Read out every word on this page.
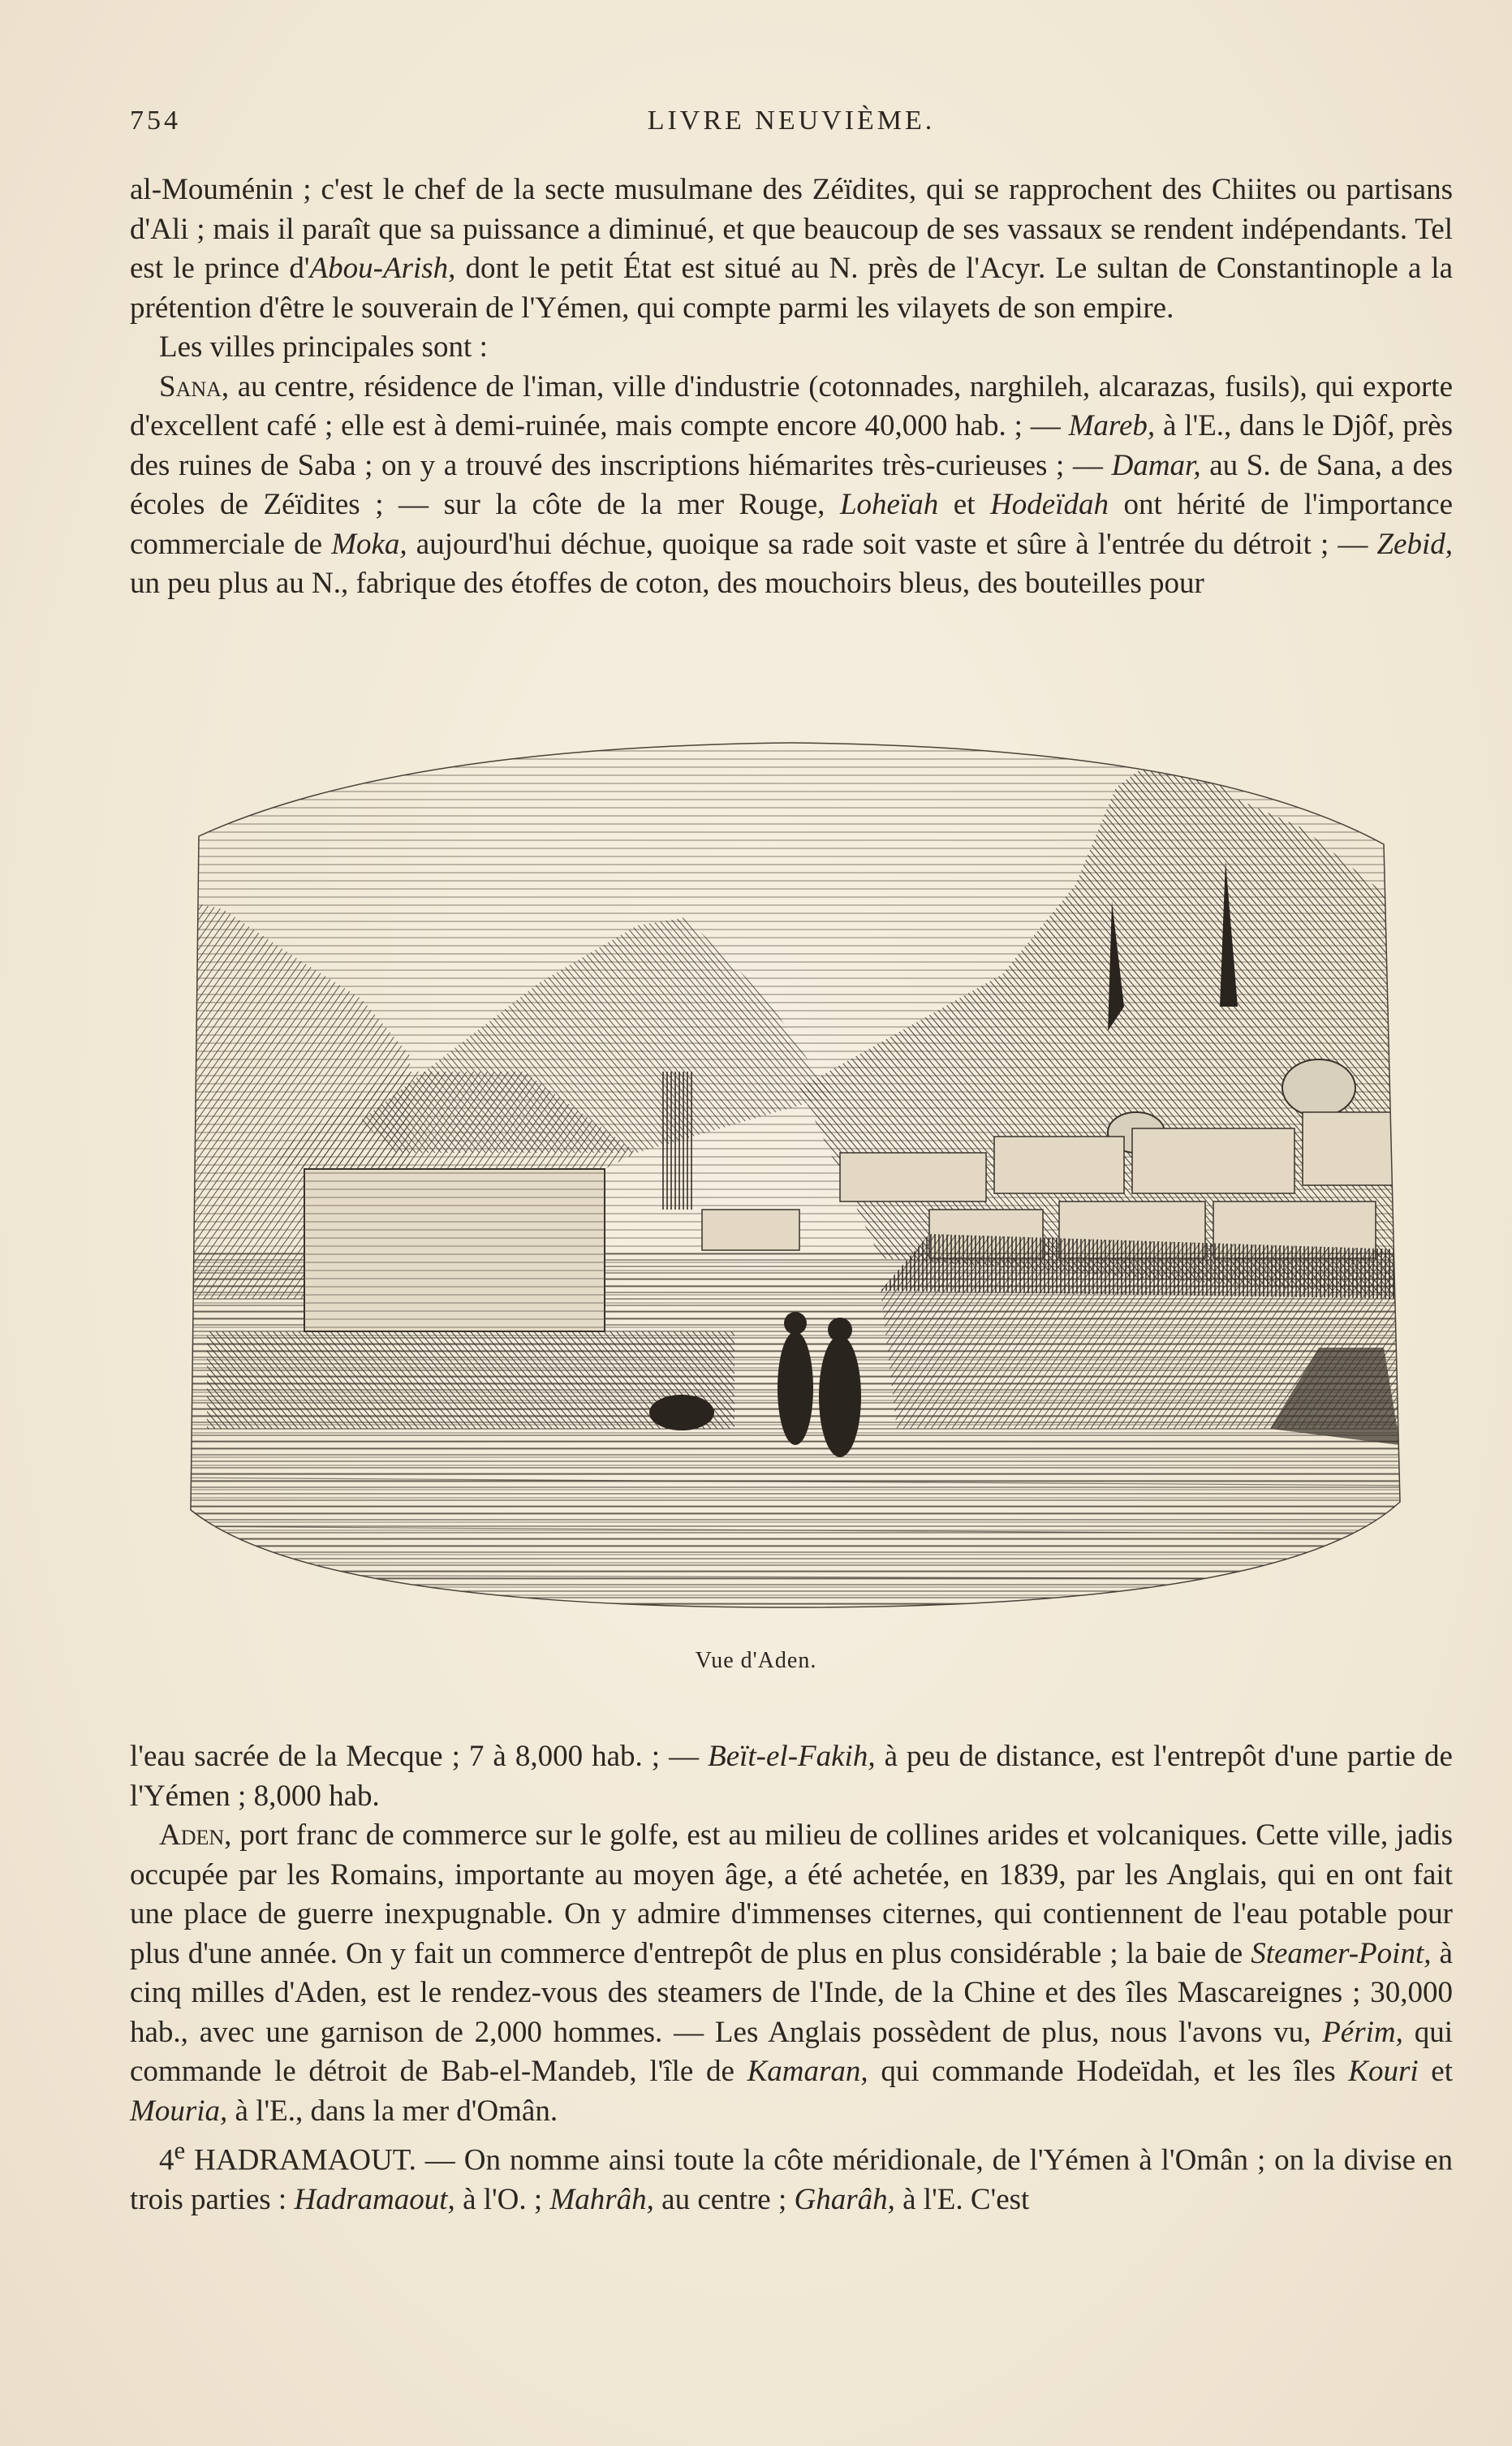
754	LIVRE NEUVIÈME.

al-Mouménin ; c'est le chef de la secte musulmane des Zéïdites, qui se rapprochent des Chiites ou partisans d'Ali ; mais il paraît que sa puissance a diminué, et que beaucoup de ses vassaux se rendent indépendants. Tel est le prince d'Abou-Arish, dont le petit État est situé au N. près de l'Acyr. Le sultan de Constantinople a la prétention d'être le souverain de l'Yémen, qui compte parmi les vilayets de son empire.

Les villes principales sont :

Sana, au centre, résidence de l'iman, ville d'industrie (cotonnades, narghileh, alcarazas, fusils), qui exporte d'excellent café ; elle est à demi-ruinée, mais compte encore 40,000 hab. ; — Mareb, à l'E., dans le Djôf, près des ruines de Saba ; on y a trouvé des inscriptions hiémarites très-curieuses ; — Damar, au S. de Sana, a des écoles de Zéïdites ; — sur la côte de la mer Rouge, Loheïah et Hodeïdah ont hérité de l'importance commerciale de Moka, aujourd'hui déchue, quoique sa rade soit vaste et sûre à l'entrée du détroit ; — Zebid, un peu plus au N., fabrique des étoffes de coton, des mouchoirs bleus, des bouteilles pour

Vue d'Aden.

l'eau sacrée de la Mecque ; 7 à 8,000 hab. ; — Beït-el-Fakih, à peu de distance, est l'entrepôt d'une partie de l'Yémen ; 8,000 hab.

Aden, port franc de commerce sur le golfe, est au milieu de collines arides et volcaniques. Cette ville, jadis occupée par les Romains, importante au moyen âge, a été achetée, en 1839, par les Anglais, qui en ont fait une place de guerre inexpugnable. On y admire d'immenses citernes, qui contiennent de l'eau potable pour plus d'une année. On y fait un commerce d'entrepôt de plus en plus considérable ; la baie de Steamer-Point, à cinq milles d'Aden, est le rendez-vous des steamers de l'Inde, de la Chine et des îles Mascareignes ; 30,000 hab., avec une garnison de 2,000 hommes. — Les Anglais possèdent de plus, nous l'avons vu, Périm, qui commande le détroit de Bab-el-Mandeb, l'île de Kamaran, qui commande Hodeïdah, et les îles Kouri et Mouria, à l'E., dans la mer d'Omân.

4e HADRAMAOUT. — On nomme ainsi toute la côte méridionale, de l'Yémen à l'Omân ; on la divise en trois parties : Hadramaout, à l'O. ; Mahrâh, au centre ; Gharâh, à l'E. C'est
